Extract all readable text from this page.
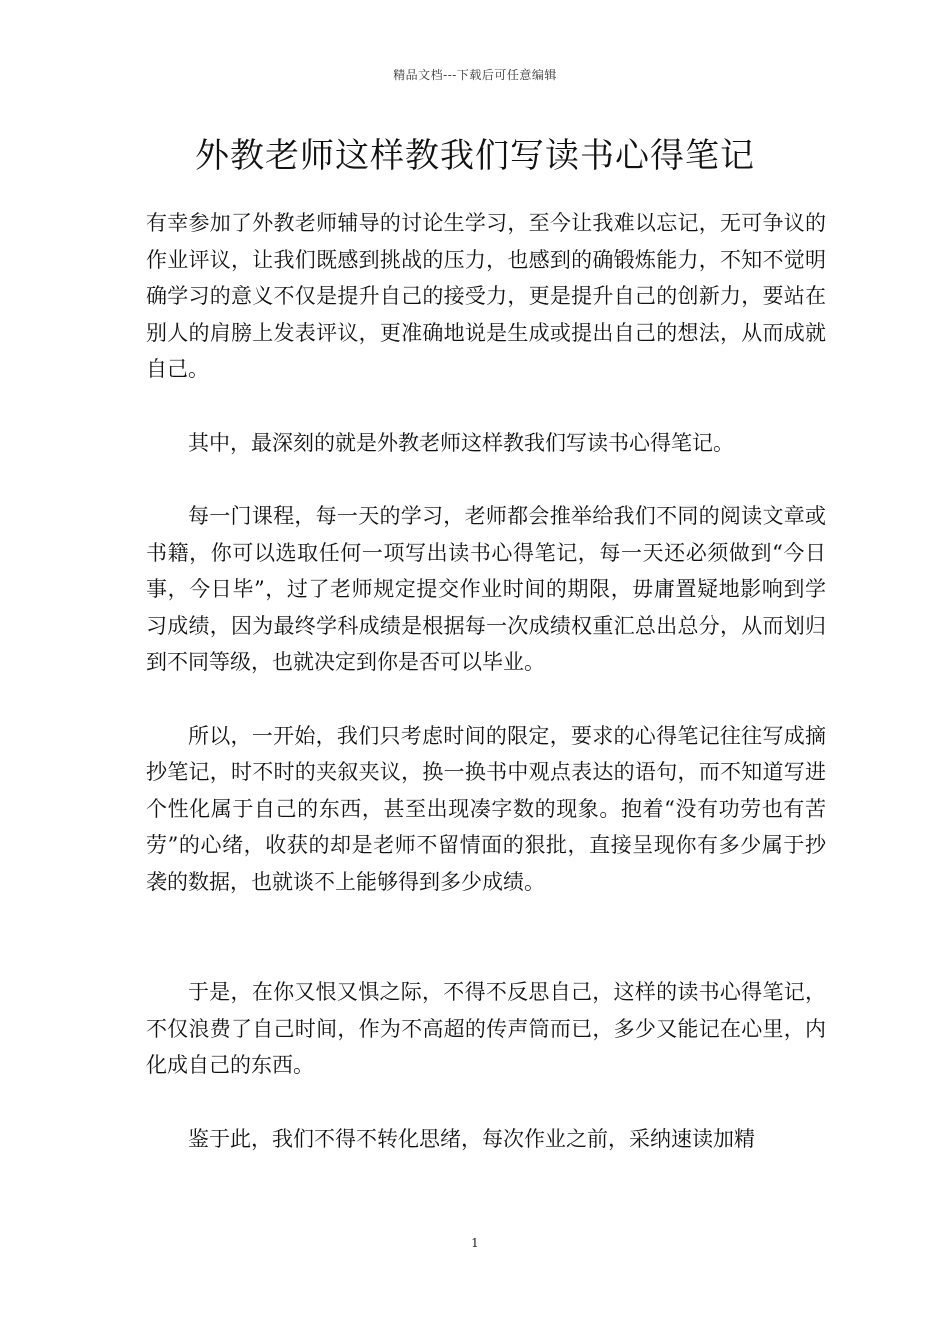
精品文档---下载后可任意编辑
外教老师这样教我们写读书心得笔记

有幸参加了外教老师辅导的讨论生学习，至今让我难以忘记，无可争议的作业评议，让我们既感到挑战的压力，也感到的确锻炼能力，不知不觉明确学习的意义不仅是提升自己的接受力，更是提升自己的创新力，要站在别人的肩膀上发表评议，更准确地说是生成或提出自己的想法，从而成就自己。

其中，最深刻的就是外教老师这样教我们写读书心得笔记。

每一门课程，每一天的学习，老师都会推举给我们不同的阅读文章或书籍，你可以选取任何一项写出读书心得笔记，每一天还必须做到“今日事，今日毕”，过了老师规定提交作业时间的期限，毋庸置疑地影响到学习成绩，因为最终学科成绩是根据每一次成绩权重汇总出总分，从而划归到不同等级，也就决定到你是否可以毕业。

所以，一开始，我们只考虑时间的限定，要求的心得笔记往往写成摘抄笔记，时不时的夹叙夹议，换一换书中观点表达的语句，而不知道写进个性化属于自己的东西，甚至出现凑字数的现象。抱着“没有功劳也有苦劳”的心绪，收获的却是老师不留情面的狠批，直接呈现你有多少属于抄袭的数据，也就谈不上能够得到多少成绩。

于是，在你又恨又惧之际，不得不反思自己，这样的读书心得笔记，不仅浪费了自己时间，作为不高超的传声筒而已，多少又能记在心里，内化成自己的东西。

鉴于此，我们不得不转化思绪，每次作业之前，采纳速读加精

1
